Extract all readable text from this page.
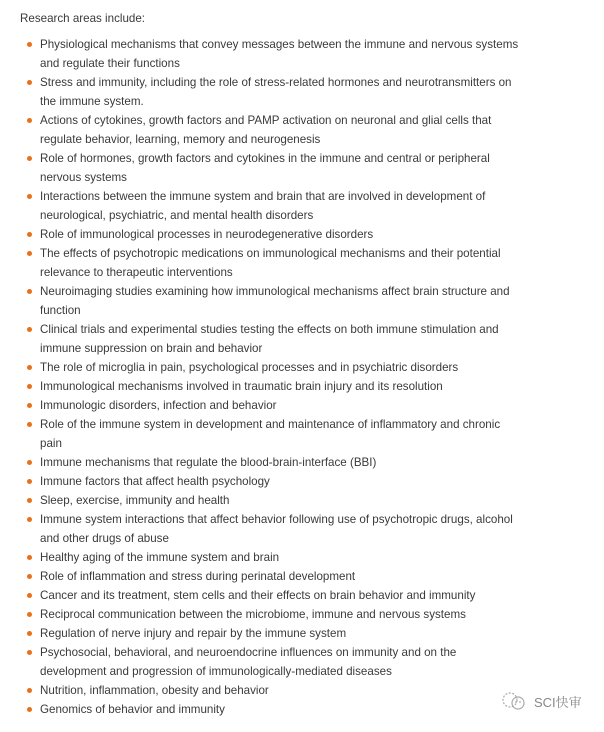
Research areas include:
Physiological mechanisms that convey messages between the immune and nervous systems
and regulate their functions
Stress and immunity, including the role of stress-related hormones and neurotransmitters on
the immune system.
Actions of cytokines, growth factors and PAMP activation on neuronal and glial cells that
regulate behavior, learning, memory and neurogenesis
Role of hormones, growth factors and cytokines in the immune and central or peripheral
nervous systems
Interactions between the immune system and brain that are involved in development of
neurological, psychiatric, and mental health disorders
Role of immunological processes in neurodegenerative disorders
The effects of psychotropic medications on immunological mechanisms and their potential
relevance to therapeutic interventions
Neuroimaging studies examining how immunological mechanisms affect brain structure and
function
Clinical trials and experimental studies testing the effects on both immune stimulation and
immune suppression on brain and behavior
The role of microglia in pain, psychological processes and in psychiatric disorders
Immunological mechanisms involved in traumatic brain injury and its resolution
Immunologic disorders, infection and behavior
Role of the immune system in development and maintenance of inflammatory and chronic
pain
Immune mechanisms that regulate the blood-brain-interface (BBI)
Immune factors that affect health psychology
Sleep, exercise, immunity and health
Immune system interactions that affect behavior following use of psychotropic drugs, alcohol
and other drugs of abuse
Healthy aging of the immune system and brain
Role of inflammation and stress during perinatal development
Cancer and its treatment, stem cells and their effects on brain behavior and immunity
Reciprocal communication between the microbiome, immune and nervous systems
Regulation of nerve injury and repair by the immune system
Psychosocial, behavioral, and neuroendocrine influences on immunity and on the
development and progression of immunologically-mediated diseases
Nutrition, inflammation, obesity and behavior
Genomics of behavior and immunity	SCI快审
